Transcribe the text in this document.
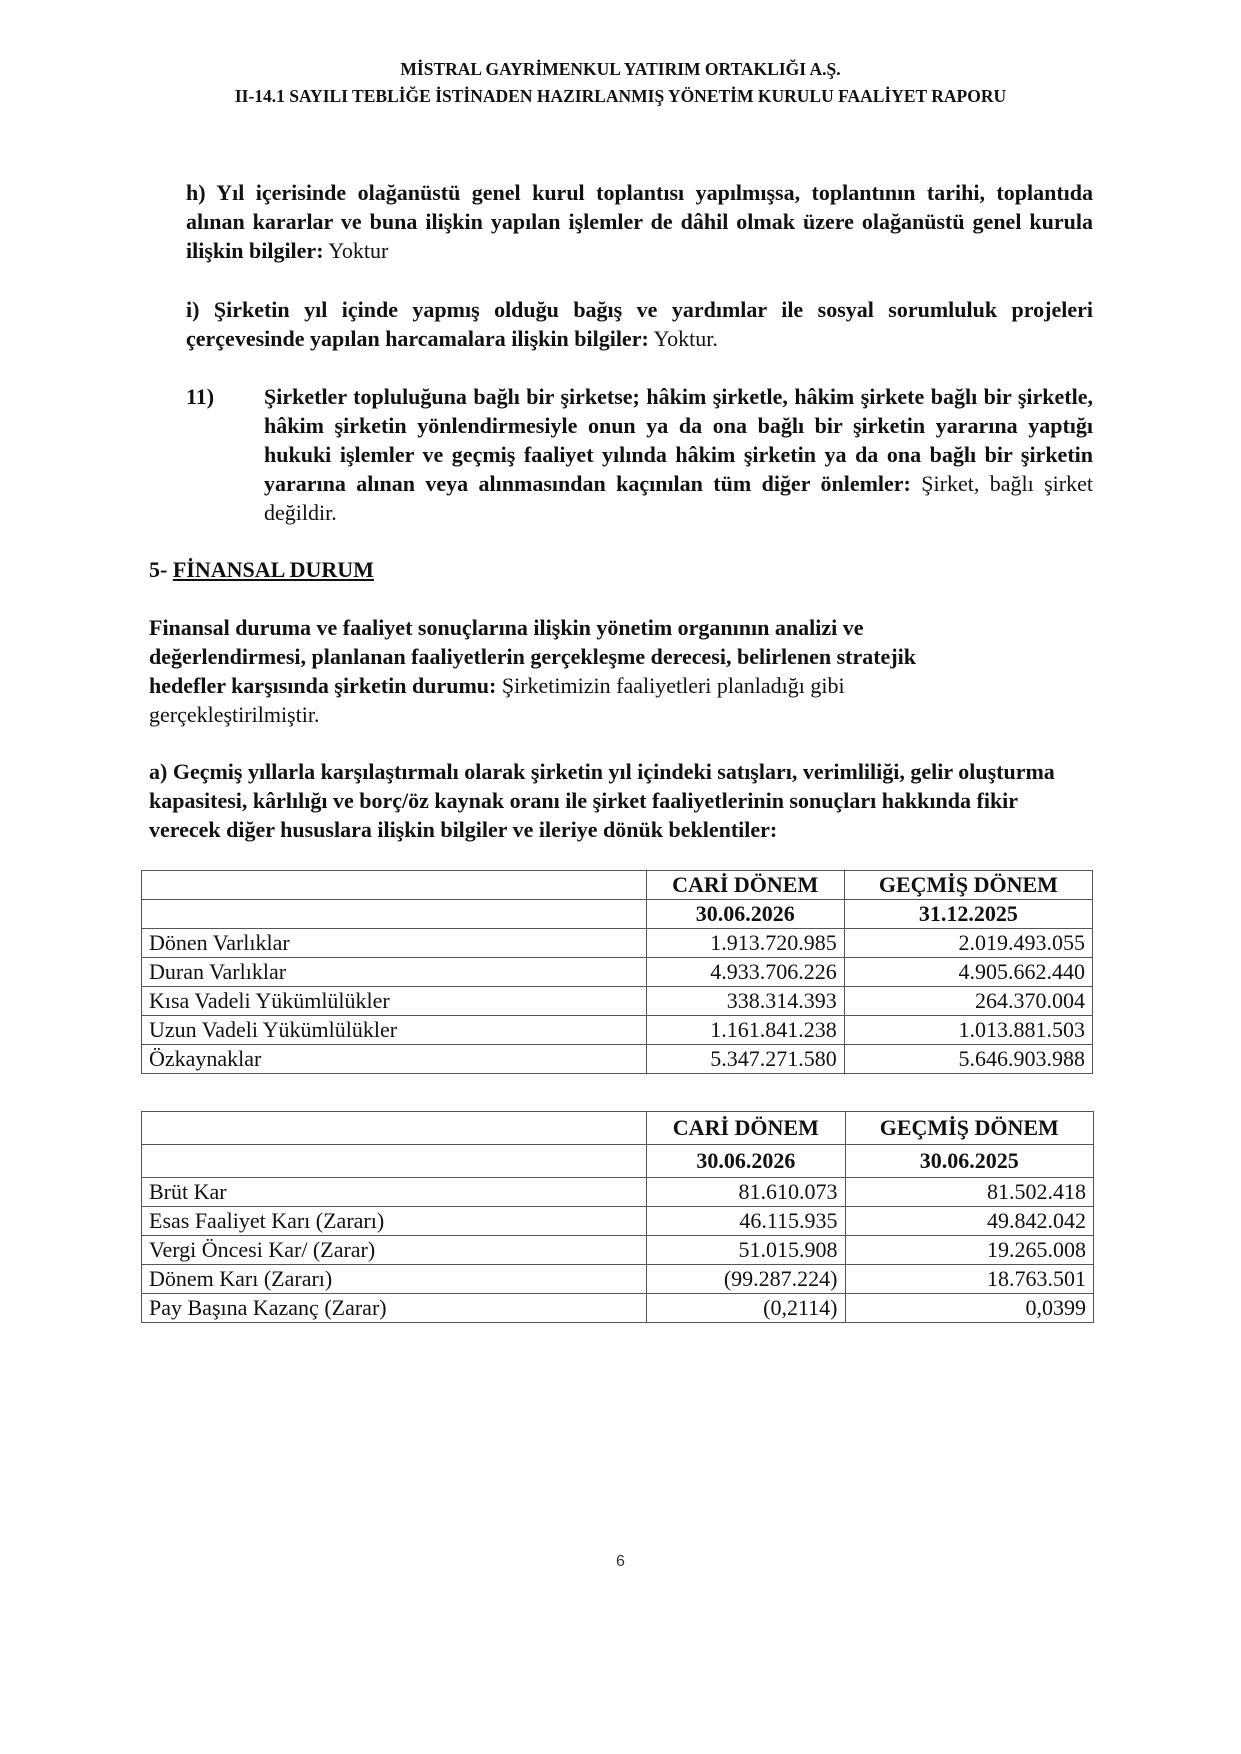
MİSTRAL GAYRİMENKUL YATIRIM ORTAKLIĞI A.Ş.
II-14.1 SAYILI TEBLİĞE İSTİNADEN HAZIRLANMIŞ YÖNETİM KURULU FAALİYET RAPORU
h) Yıl içerisinde olağanüstü genel kurul toplantısı yapılmışsa, toplantının tarihi, toplantıda alınan kararlar ve buna ilişkin yapılan işlemler de dâhil olmak üzere olağanüstü genel kurula ilişkin bilgiler: Yoktur
i) Şirketin yıl içinde yapmış olduğu bağış ve yardımlar ile sosyal sorumluluk projeleri çerçevesinde yapılan harcamalara ilişkin bilgiler: Yoktur.
11)	Şirketler topluluğuna bağlı bir şirketse; hâkim şirketle, hâkim şirkete bağlı bir şirketle, hâkim şirketin yönlendirmesiyle onun ya da ona bağlı bir şirketin yararına yaptığı hukuki işlemler ve geçmiş faaliyet yılında hâkim şirketin ya da ona bağlı bir şirketin yararına alınan veya alınmasından kaçınılan tüm diğer önlemler: Şirket, bağlı şirket değildir.
5- FİNANSAL DURUM
Finansal duruma ve faaliyet sonuçlarına ilişkin yönetim organının analizi ve değerlendirmesi, planlanan faaliyetlerin gerçekleşme derecesi, belirlenen stratejik hedefler karşısında şirketin durumu: Şirketimizin faaliyetleri planladığı gibi gerçekleştirilmiştir.
a) Geçmiş yıllarla karşılaştırmalı olarak şirketin yıl içindeki satışları, verimliliği, gelir oluşturma kapasitesi, kârlılığı ve borç/öz kaynak oranı ile şirket faaliyetlerinin sonuçları hakkında fikir verecek diğer hususlara ilişkin bilgiler ve ileriye dönük beklentiler:
	CARİ DÖNEM	GEÇMİŞ DÖNEM
	30.06.2026	31.12.2025
Dönen Varlıklar	1.913.720.985	2.019.493.055
Duran Varlıklar	4.933.706.226	4.905.662.440
Kısa Vadeli Yükümlülükler	338.314.393	264.370.004
Uzun Vadeli Yükümlülükler	1.161.841.238	1.013.881.503
Özkaynaklar	5.347.271.580	5.646.903.988
	CARİ DÖNEM	GEÇMİŞ DÖNEM
	30.06.2026	30.06.2025
Brüt Kar	81.610.073	81.502.418
Esas Faaliyet Karı (Zararı)	46.115.935	49.842.042
Vergi Öncesi Kar/ (Zarar)	51.015.908	19.265.008
Dönem Karı (Zararı)	(99.287.224)	18.763.501
Pay Başına Kazanç (Zarar)	(0,2114)	0,0399
6
